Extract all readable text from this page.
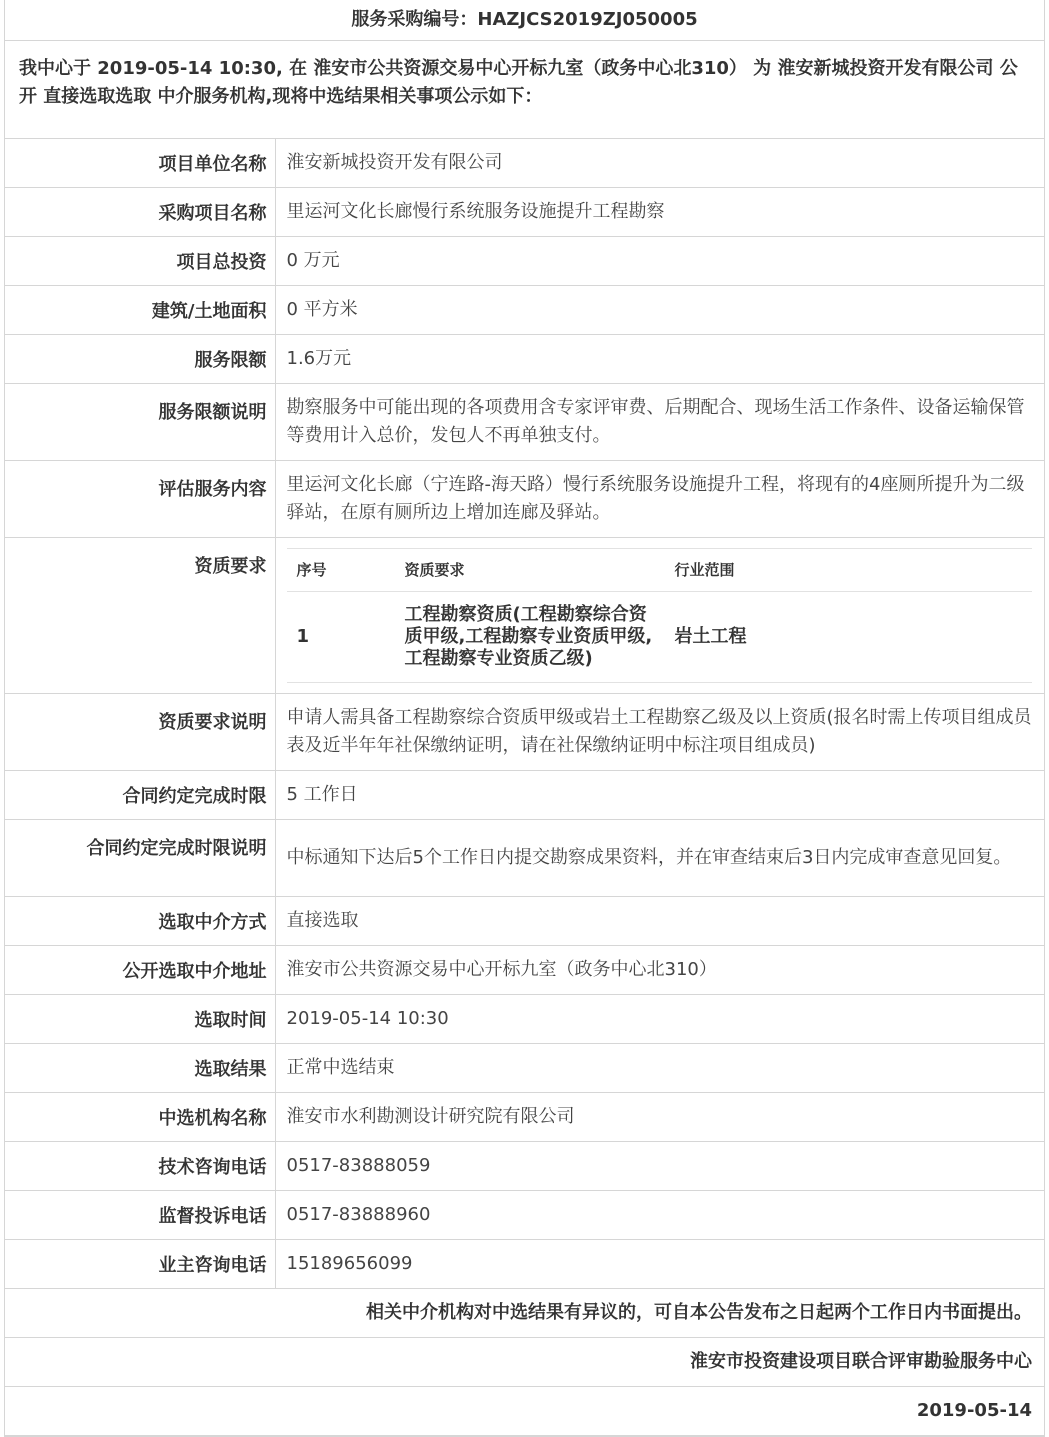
服务采购编号：HAZJCS2019ZJ050005
我中心于 2019-05-14 10:30, 在 淮安市公共资源交易中心开标九室（政务中心北310） 为 淮安新城投资开发有限公司 公开 直接选取选取 中介服务机构,现将中选结果相关事项公示如下：
项目单位名称	淮安新城投资开发有限公司
采购项目名称	里运河文化长廊慢行系统服务设施提升工程勘察
项目总投资	0 万元
建筑/土地面积	0 平方米
服务限额	1.6万元
服务限额说明	勘察服务中可能出现的各项费用含专家评审费、后期配合、现场生活工作条件、设备运输保管等费用计入总价，发包人不再单独支付。
评估服务内容	里运河文化长廊（宁连路-海天路）慢行系统服务设施提升工程，将现有的4座厕所提升为二级驿站，在原有厕所边上增加连廊及驿站。
资质要求	序号	资质要求	行业范围
1	工程勘察资质(工程勘察综合资质甲级,工程勘察专业资质甲级,工程勘察专业资质乙级)	岩土工程

资质要求说明	申请人需具备工程勘察综合资质甲级或岩土工程勘察乙级及以上资质(报名时需上传项目组成员表及近半年年社保缴纳证明，请在社保缴纳证明中标注项目组成员)
合同约定完成时限	5 工作日
合同约定完成时限说明	中标通知下达后5个工作日内提交勘察成果资料，并在审查结束后3日内完成审查意见回复。
选取中介方式	直接选取
公开选取中介地址	淮安市公共资源交易中心开标九室（政务中心北310）
选取时间	2019-05-14 10:30
选取结果	正常中选结束
中选机构名称	淮安市水利勘测设计研究院有限公司
技术咨询电话	0517-83888059
监督投诉电话	0517-83888960
业主咨询电话	15189656099
相关中介机构对中选结果有异议的，可自本公告发布之日起两个工作日内书面提出。
淮安市投资建设项目联合评审勘验服务中心
2019-05-14
